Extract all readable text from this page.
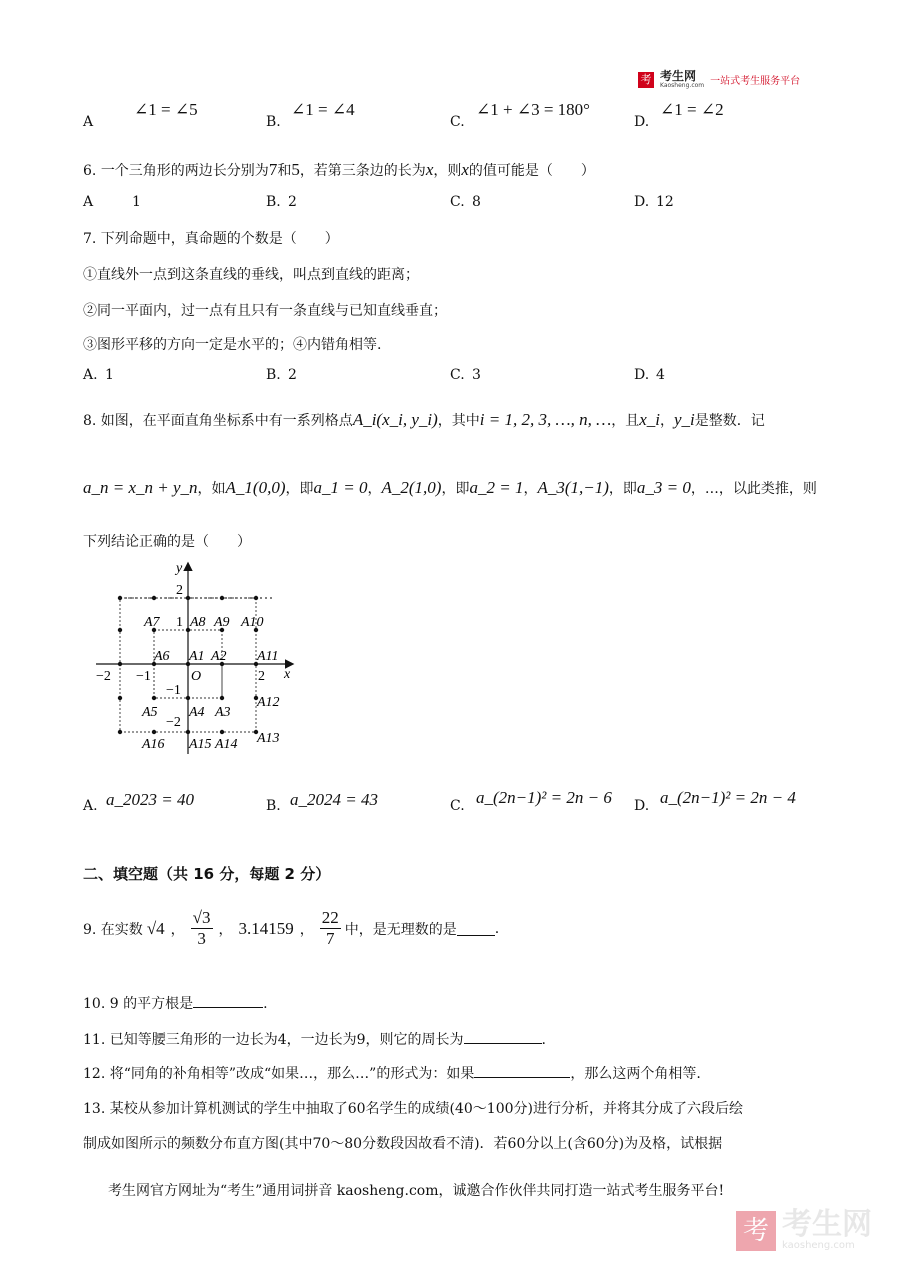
考 考生网
Kaosheng.com 一站式考生服务平台
A
∠1 = ∠5
B.
∠1 = ∠4
C.
∠1 + ∠3 = 180°
D.
∠1 = ∠2
6. 一个三角形的两边长分别为7和5，若第三条边的长为x，则x的值可能是（　　）
A	1	B. 2	C. 8	D. 12
7. 下列命题中，真命题的个数是（　　）
①直线外一点到这条直线的垂线，叫点到直线的距离；
②同一平面内，过一点有且只有一条直线与已知直线垂直；
③图形平移的方向一定是水平的；④内错角相等.
A. 1	B. 2	C. 3	D. 4
8. 如图，在平面直角坐标系中有一系列格点A_i(x_i, y_i)，其中i = 1, 2, 3, …, n, …，且x_i，y_i是整数．记
a_n = x_n + y_n，如A_1(0,0)，即a_1 = 0，A_2(1,0)，即a_2 = 1，A_3(1,−1)，即a_3 = 0，…，以此类推，则
下列结论正确的是（　　）
y
x
O
−2 −1	2
2
1
−1
−2
A1 A2
A3
A4
A5
A6
A7 A8 A9 A10
A11
A12
A13
A14
A15
A16
A. a_2023 = 40	B. a_2024 = 43	C. a_(2n−1)² = 2n − 6 D. a_(2n−1)² = 2n − 4
二、填空题（共 16 分，每题 2 分）
9. 在实数 √4 ， $\frac{√3}{3}$ ， 3.14159 ， $\frac{22}{7}$ 中，是无理数的是	.
10. 9 的平方根是	.
11. 已知等腰三角形的一边长为4，一边长为9，则它的周长为	.
12. 将“同角的补角相等”改成“如果…，那么…”的形式为：如果	，那么这两个角相等.
13. 某校从参加计算机测试的学生中抽取了60名学生的成绩(40～100分)进行分析，并将其分成了六段后绘
制成如图所示的频数分布直方图(其中70～80分数段因故看不清)．若60分以上(含60分)为及格，试根据
考生网官方网址为“考生”通用词拼音 kaosheng.com，诚邀合作伙伴共同打造一站式考生服务平台!
考 考生网
kaosheng.com
